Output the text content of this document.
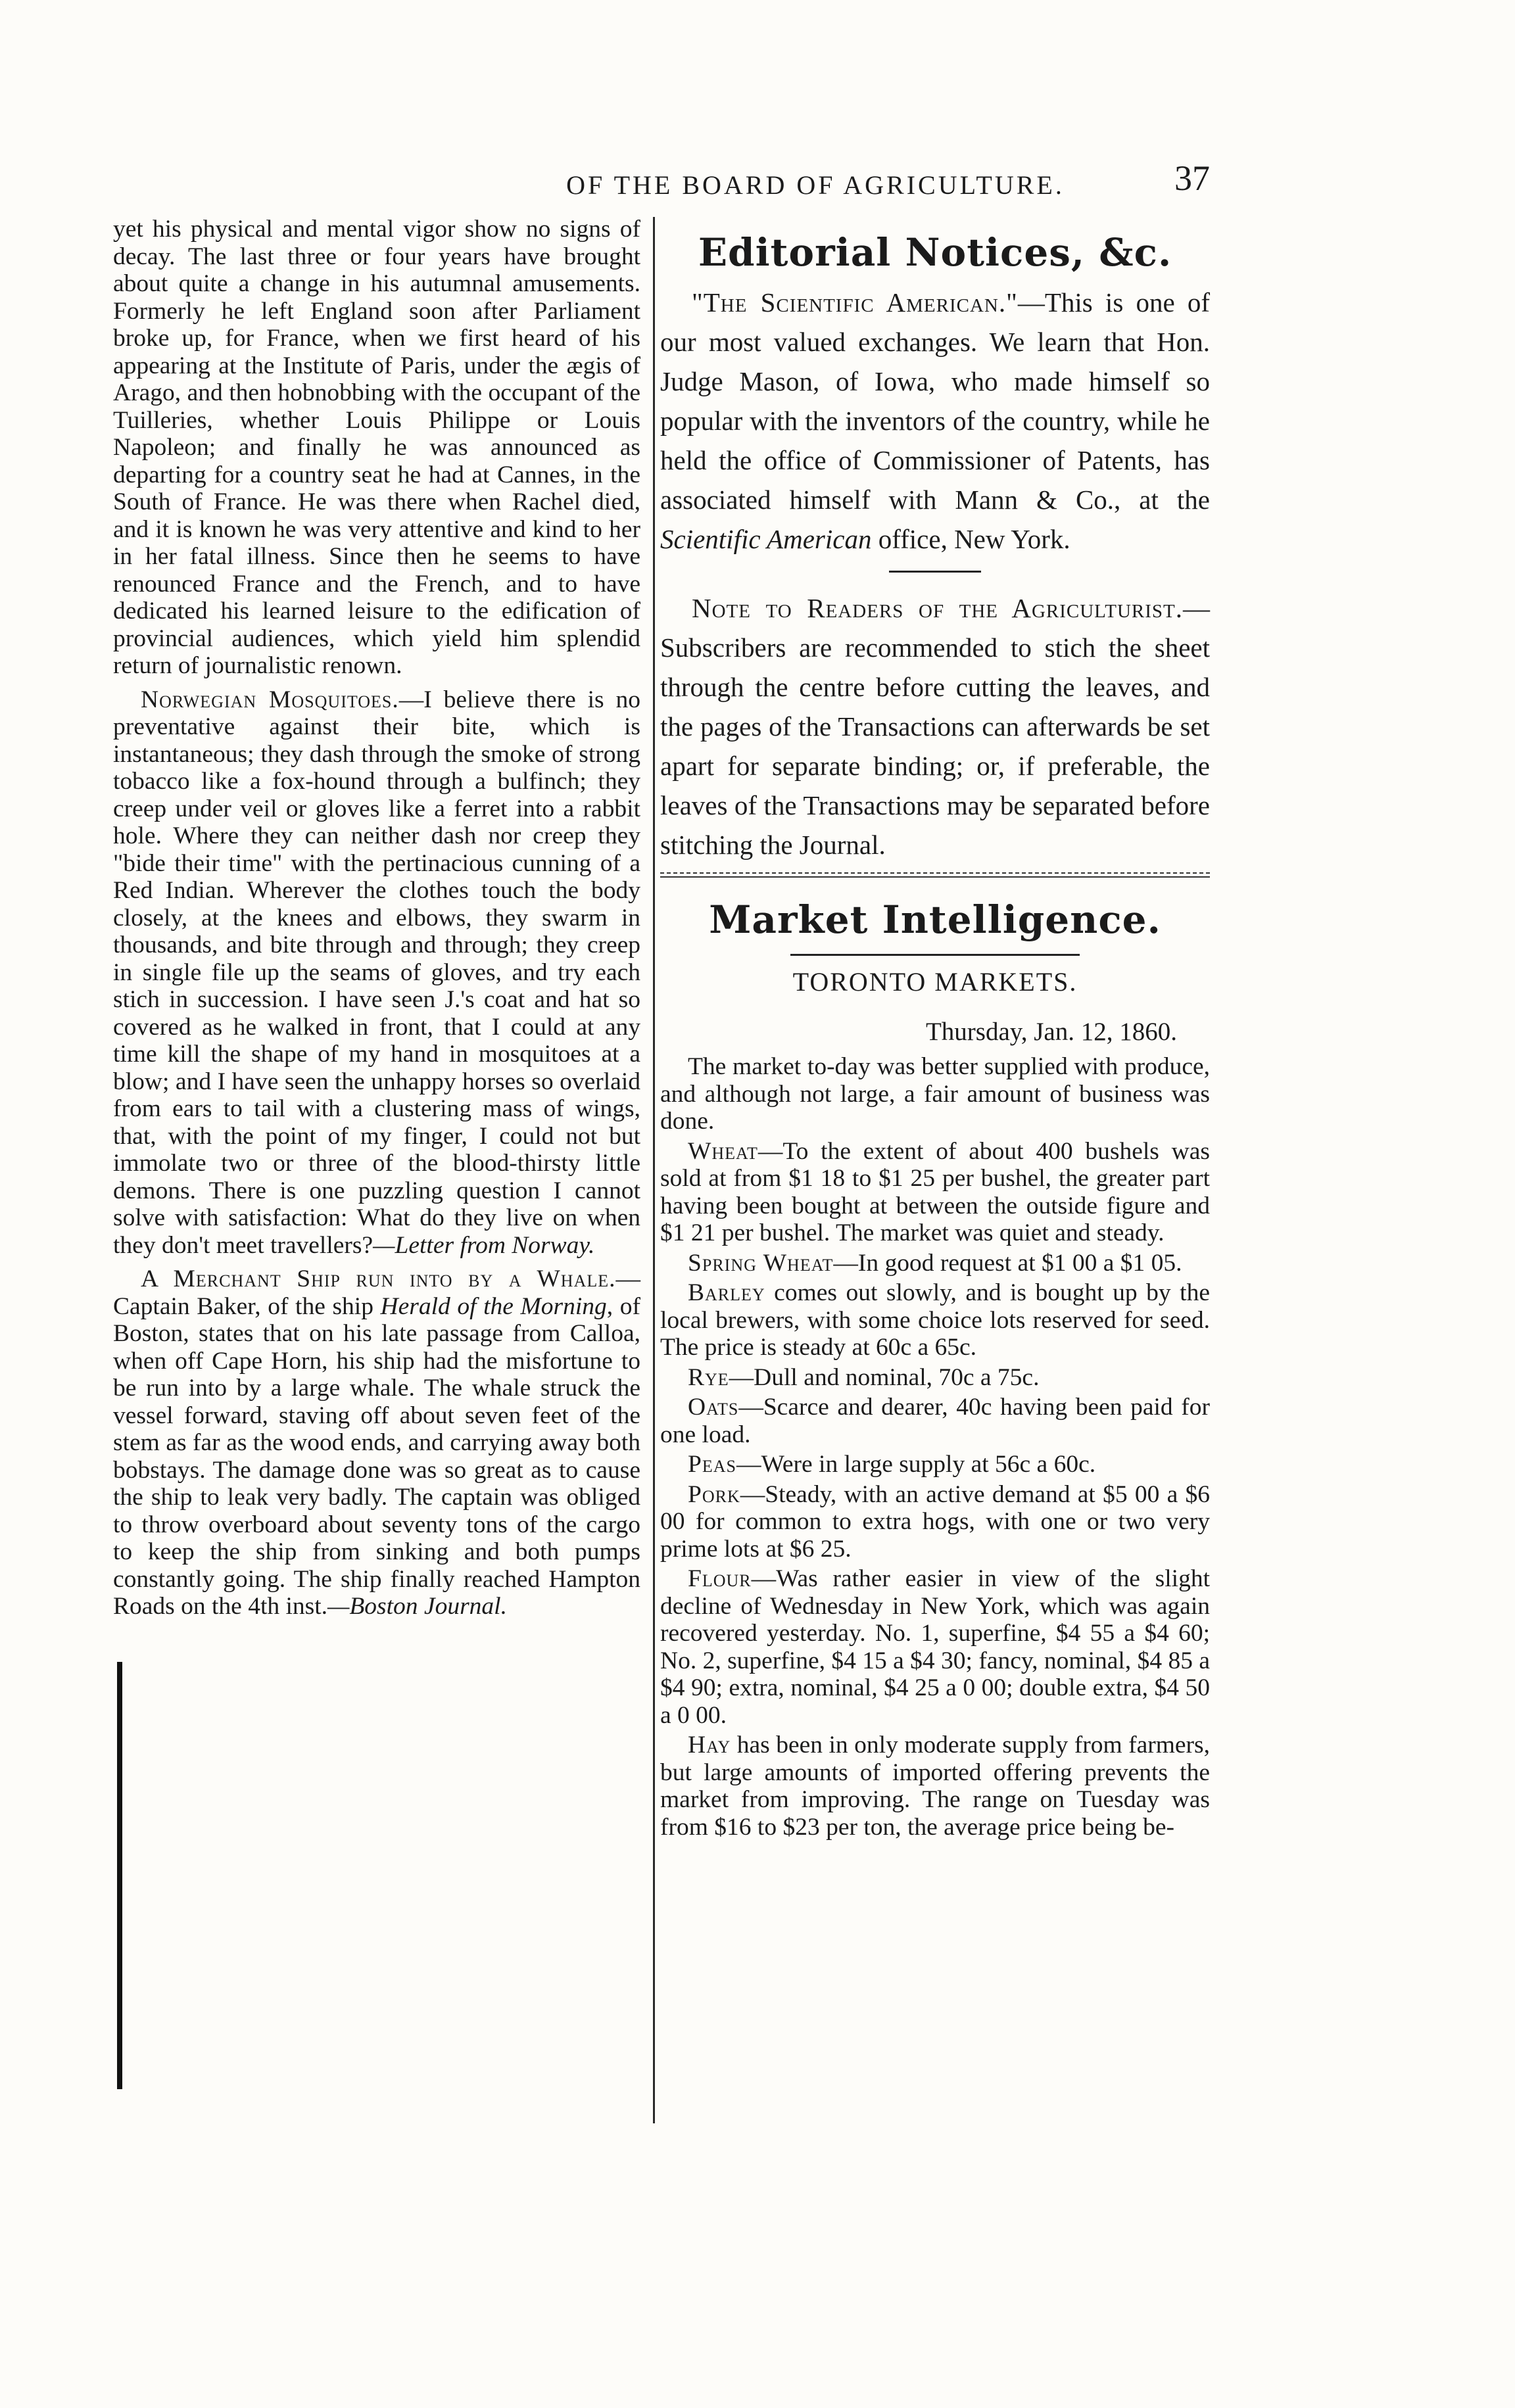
OF THE BOARD OF AGRICULTURE.	37

yet his physical and mental vigor show no signs of decay. The last three or four years have brought about quite a change in his autumnal amusements. Formerly he left England soon after Parliament broke up, for France, when we first heard of his appearing at the Institute of Paris, under the ægis of Arago, and then hobnobbing with the occupant of the Tuilleries, whether Louis Philippe or Louis Napoleon; and finally he was announced as departing for a country seat he had at Cannes, in the South of France. He was there when Rachel died, and it is known he was very attentive and kind to her in her fatal illness. Since then he seems to have renounced France and the French, and to have dedicated his learned leisure to the edification of provincial audiences, which yield him splendid return of journalistic renown.

Norwegian Mosquitoes.—I believe there is no preventative against their bite, which is instantaneous; they dash through the smoke of strong tobacco like a fox-hound through a bulfinch; they creep under veil or gloves like a ferret into a rabbit hole. Where they can neither dash nor creep they "bide their time" with the pertinacious cunning of a Red Indian. Wherever the clothes touch the body closely, at the knees and elbows, they swarm in thousands, and bite through and through; they creep in single file up the seams of gloves, and try each stich in succession. I have seen J.'s coat and hat so covered as he walked in front, that I could at any time kill the shape of my hand in mosquitoes at a blow; and I have seen the unhappy horses so overlaid from ears to tail with a clustering mass of wings, that, with the point of my finger, I could not but immolate two or three of the blood-thirsty little demons. There is one puzzling question I cannot solve with satisfaction: What do they live on when they don't meet travellers?—Letter from Norway.

A Merchant Ship run into by a Whale.—Captain Baker, of the ship Herald of the Morning, of Boston, states that on his late passage from Calloa, when off Cape Horn, his ship had the misfortune to be run into by a large whale. The whale struck the vessel forward, staving off about seven feet of the stem as far as the wood ends, and carrying away both bobstays. The damage done was so great as to cause the ship to leak very badly. The captain was obliged to throw overboard about seventy tons of the cargo to keep the ship from sinking and both pumps constantly going. The ship finally reached Hampton Roads on the 4th inst.—Boston Journal.

Editorial Notices, &c.

"The Scientific American."—This is one of our most valued exchanges. We learn that Hon. Judge Mason, of Iowa, who made himself so popular with the inventors of the country, while he held the office of Commissioner of Patents, has associated himself with Mann & Co., at the Scientific American office, New York.

Note to Readers of the Agriculturist.—Subscribers are recommended to stich the sheet through the centre before cutting the leaves, and the pages of the Transactions can afterwards be set apart for separate binding; or, if preferable, the leaves of the Transactions may be separated before stitching the Journal.

Market Intelligence.
TORONTO MARKETS.
Thursday, Jan. 12, 1860.

The market to-day was better supplied with produce, and although not large, a fair amount of business was done.

Wheat—To the extent of about 400 bushels was sold at from $1 18 to $1 25 per bushel, the greater part having been bought at between the outside figure and $1 21 per bushel. The market was quiet and steady.

Spring Wheat—In good request at $1 00 a $1 05.

Barley comes out slowly, and is bought up by the local brewers, with some choice lots reserved for seed. The price is steady at 60c a 65c.

Rye—Dull and nominal, 70c a 75c.

Oats—Scarce and dearer, 40c having been paid for one load.

Peas—Were in large supply at 56c a 60c.

Pork—Steady, with an active demand at $5 00 a $6 00 for common to extra hogs, with one or two very prime lots at $6 25.

Flour—Was rather easier in view of the slight decline of Wednesday in New York, which was again recovered yesterday. No. 1, superfine, $4 55 a $4 60; No. 2, superfine, $4 15 a $4 30; fancy, nominal, $4 85 a $4 90; extra, nominal, $4 25 a 0 00; double extra, $4 50 a 0 00.

Hay has been in only moderate supply from farmers, but large amounts of imported offering prevents the market from improving. The range on Tuesday was from $16 to $23 per ton, the average price being be-
